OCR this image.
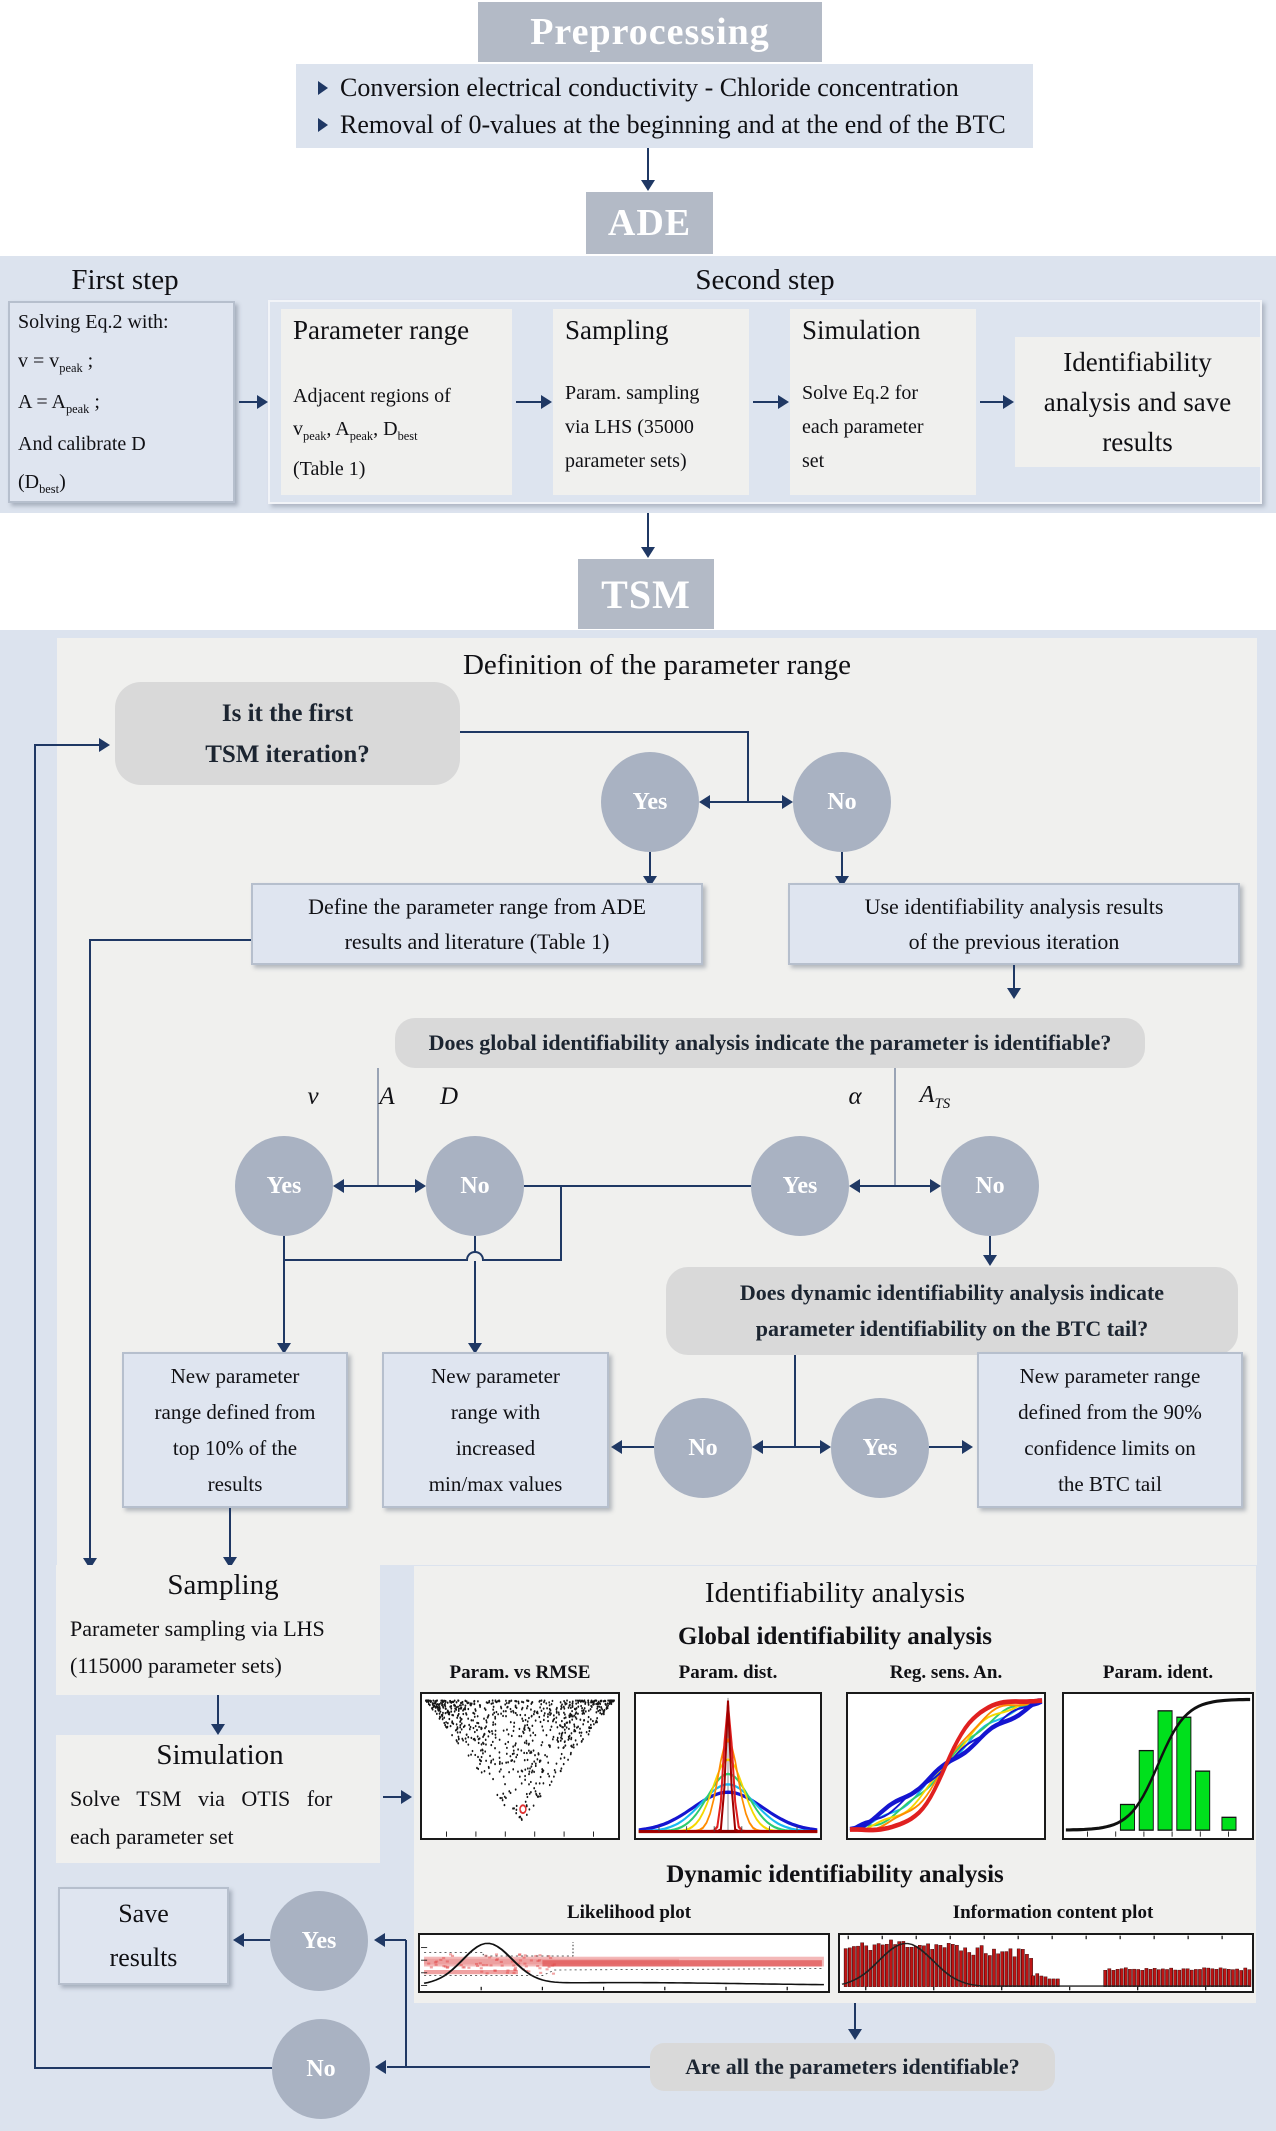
Preprocessing
Conversion electrical conductivity - Chloride concentration
Removal of 0-values at the beginning and at the end of the BTC
ADE
First step	Second step
Solving Eq.2 with:
$v = v_{peak}$ ;
$A = A_{peak}$ ;
And calibrate D
$(D_{best})$
Parameter range
Adjacent regions of
$v_{peak}$, $A_{peak}$, $D_{best}$
(Table 1)
Sampling
Param. sampling
via LHS (35000
parameter sets)
Simulation
Solve Eq.2 for
each parameter
set
Identifiability
analysis and save
results
TSM
Definition of the parameter range
Is it the first
TSM iteration?
Yes	No
Define the parameter range from ADE
results and literature (Table 1)
Use identifiability analysis results
of the previous iteration
Does global identifiability analysis indicate the parameter is identifiable?
ν A D	α $A_{TS}$
Yes	No	Yes	No
Does dynamic identifiability analysis indicate
parameter identifiability on the BTC tail?
No	Yes
New parameter
range defined from
top 10% of the
results
New parameter
range with
increased
min/max values
New parameter range
defined from the 90%
confidence limits on
the BTC tail
Sampling
Parameter sampling via LHS
(115000 parameter sets)
Simulation
Solve TSM via OTIS for
each parameter set
Identifiability analysis
Global identifiability analysis
Param. vs RMSE	Param. dist.	Reg. sens. An.	Param. ident.
Dynamic identifiability analysis
Likelihood plot	Information content plot
Are all the parameters identifiable?
Save
results
Yes
No
